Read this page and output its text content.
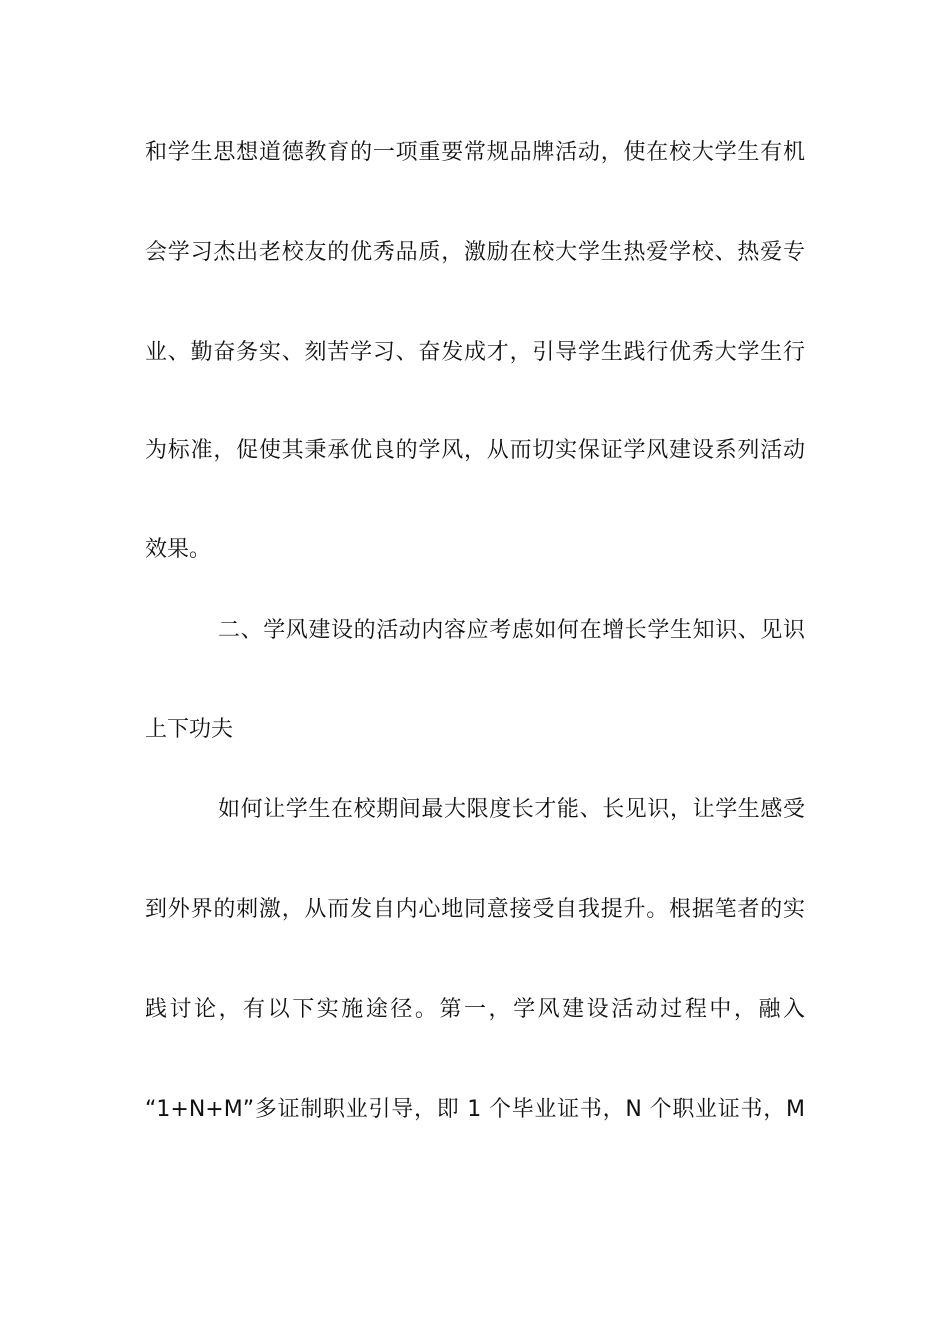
和学生思想道德教育的一项重要常规品牌活动，使在校大学生有机
会学习杰出老校友的优秀品质，激励在校大学生热爱学校、热爱专
业、勤奋务实、刻苦学习、奋发成才，引导学生践行优秀大学生行
为标准，促使其秉承优良的学风，从而切实保证学风建设系列活动
效果。
二、学风建设的活动内容应考虑如何在增长学生知识、见识
上下功夫
如何让学生在校期间最大限度长才能、长见识，让学生感受
到外界的刺激，从而发自内心地同意接受自我提升。根据笔者的实
践讨论，有以下实施途径。第一，学风建设活动过程中，融入
“1+N+M”多证制职业引导，即 1 个毕业证书，N 个职业证书，M
